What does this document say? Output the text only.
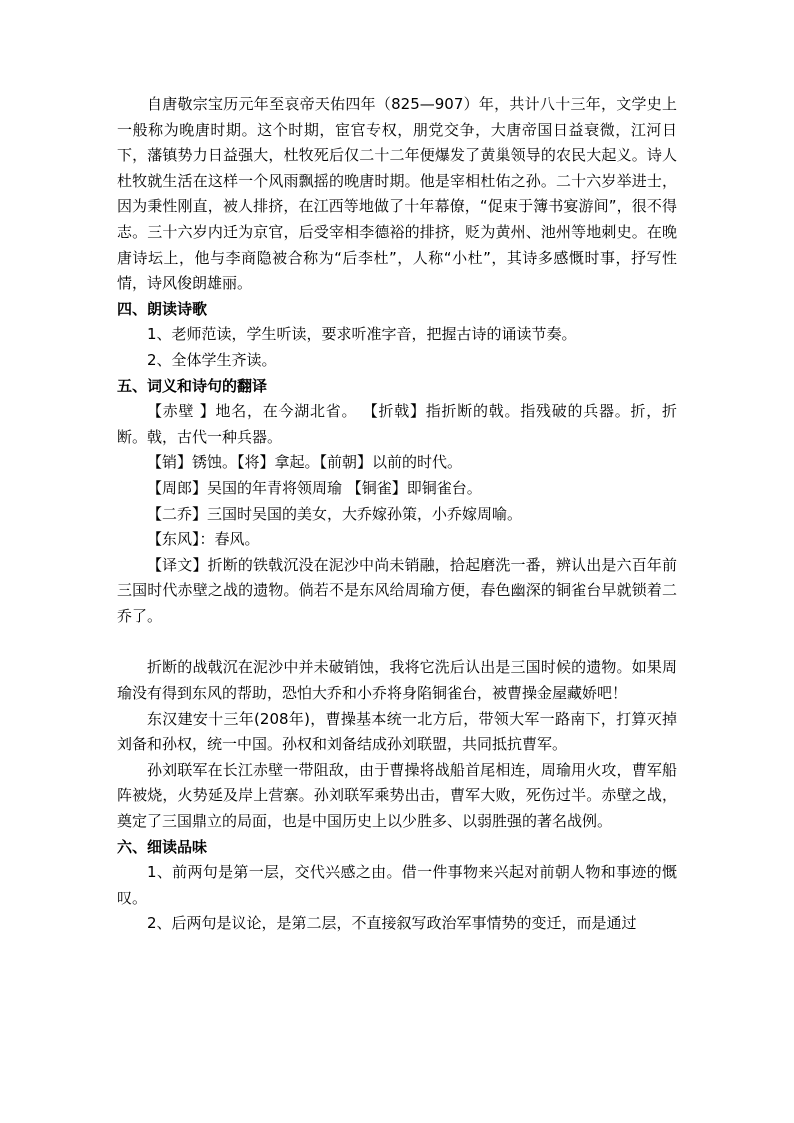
自唐敬宗宝历元年至哀帝天佑四年（825—907）年，共计八十三年，文学史上一般称为晚唐时期。这个时期，宦官专权，朋党交争，大唐帝国日益衰微，江河日下，藩镇势力日益强大，杜牧死后仅二十二年便爆发了黄巢领导的农民大起义。诗人杜牧就生活在这样一个风雨飘摇的晚唐时期。他是宰相杜佑之孙。二十六岁举进士，因为秉性刚直，被人排挤，在江西等地做了十年幕僚，“促束于簿书宴游间”，很不得志。三十六岁内迁为京官，后受宰相李德裕的排挤，贬为黄州、池州等地刺史。在晚唐诗坛上，他与李商隐被合称为“后李杜”，人称“小杜”，其诗多感慨时事，抒写性情，诗风俊朗雄丽。

四、朗读诗歌

1、老师范读，学生听读，要求听准字音，把握古诗的诵读节奏。

2、全体学生齐读。

五、词义和诗句的翻译

【赤壁 】地名，在今湖北省。 【折戟】指折断的戟。指残破的兵器。折，折断。戟，古代一种兵器。

【销】锈蚀。【将】拿起。【前朝】以前的时代。

【周郎】吴国的年青将领周瑜 【铜雀】即铜雀台。

【二乔】三国时吴国的美女，大乔嫁孙策，小乔嫁周喻。

【东风】：春风。

【译文】折断的铁戟沉没在泥沙中尚未销融，拾起磨洗一番，辨认出是六百年前三国时代赤壁之战的遗物。倘若不是东风给周瑜方便，春色幽深的铜雀台早就锁着二乔了。

折断的战戟沉在泥沙中并未破销蚀，我将它洗后认出是三国时候的遗物。如果周瑜没有得到东风的帮助，恐怕大乔和小乔将身陷铜雀台，被曹操金屋藏娇吧！

东汉建安十三年(208年)，曹操基本统一北方后，带领大军一路南下，打算灭掉刘备和孙权，统一中国。孙权和刘备结成孙刘联盟，共同抵抗曹军。

孙刘联军在长江赤壁一带阻敌，由于曹操将战船首尾相连，周瑜用火攻，曹军船阵被烧，火势延及岸上营寨。孙刘联军乘势出击，曹军大败，死伤过半。赤壁之战，奠定了三国鼎立的局面，也是中国历史上以少胜多、以弱胜强的著名战例。

六、细读品味

1、前两句是第一层，交代兴感之由。借一件事物来兴起对前朝人物和事迹的慨叹。

2、后两句是议论，是第二层，不直接叙写政治军事情势的变迁，而是通过
